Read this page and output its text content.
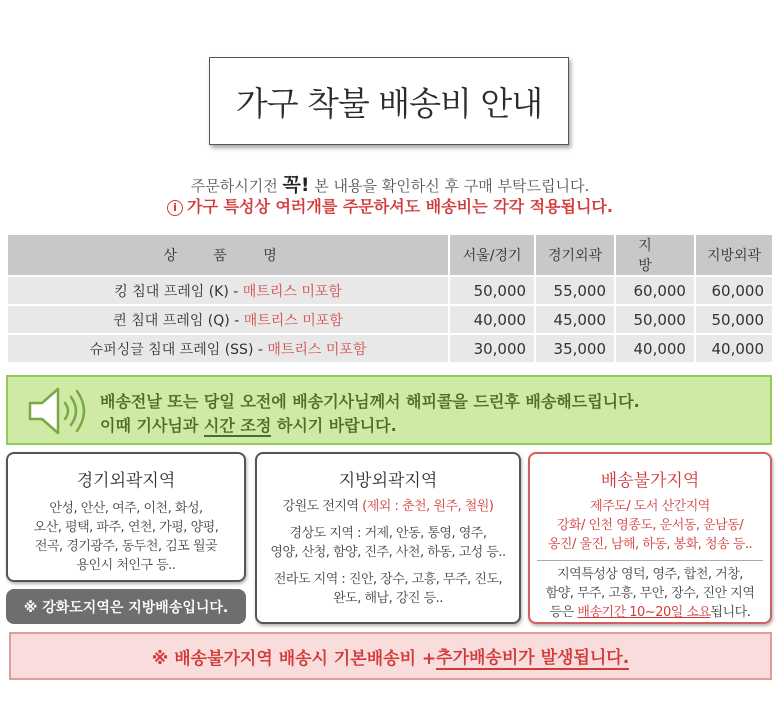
가구 착불 배송비 안내
주문하시기전 꼭! 본 내용을 확인하신 후 구매 부탁드립니다.
i 가구 특성상 여러개를 주문하셔도 배송비는 각각 적용됩니다.
상 품 명	서울/경기	경기외곽	지 방	지방외곽
킹 침대 프레임 (K) - 매트리스 미포함	50,000	55,000	60,000	60,000
퀸 침대 프레임 (Q) - 매트리스 미포함	40,000	45,000	50,000	50,000
슈퍼싱글 침대 프레임 (SS) - 매트리스 미포함	30,000	35,000	40,000	40,000
배송전날 또는 당일 오전에 배송기사님께서 해피콜을 드린후 배송해드립니다.
이때 기사님과 시간 조정 하시기 바랍니다.
경기외곽지역

안성, 안산, 여주, 이천, 화성,
오산, 평택, 파주, 연천, 가평, 양평,
전곡, 경기광주, 동두천, 김포 월곶
용인시 처인구 등..

※ 강화도지역은 지방배송입니다.
지방외곽지역

강원도 전지역 (제외 : 춘천, 원주, 철원)

경상도 지역 : 거제, 안동, 통영, 영주,
영양, 산청, 함양, 진주, 사천, 하동, 고성 등..

전라도 지역 : 진안, 장수, 고흥, 무주, 진도,
완도, 해남, 강진 등..

배송불가지역

제주도/ 도서 산간지역
강화/ 인천 영종도, 운서동, 운남동/
옹진/ 울진, 남해, 하동, 봉화, 청송 등..

지역특성상 영덕, 영주, 합천, 거창,
함양, 무주, 고흥, 무안, 장수, 진안 지역
등은 배송기간 10~20일 소요됩니다.

※ 배송불가지역 배송시 기본배송비 + 추가배송비가 발생됩니다.
